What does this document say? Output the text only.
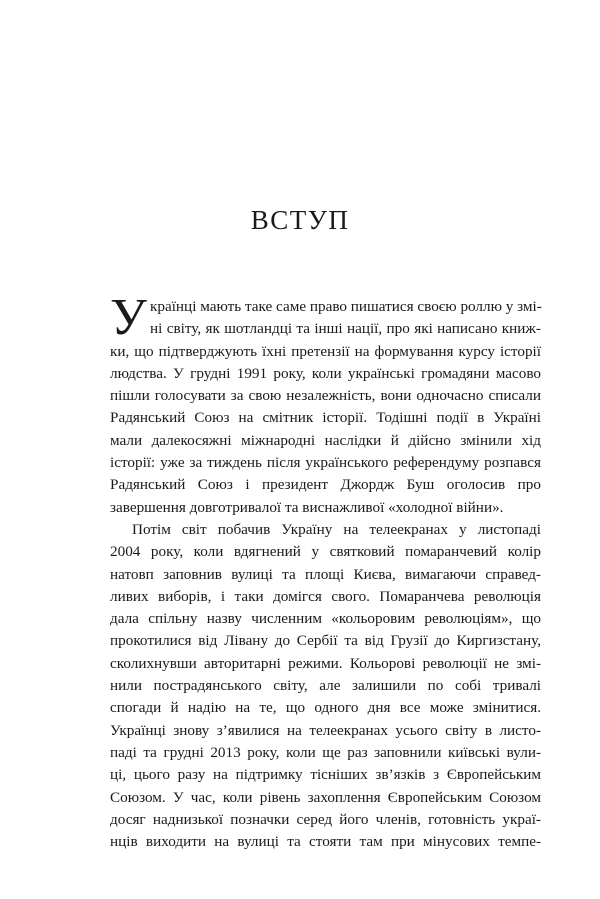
ВСТУП
У країнці мають таке саме право пишатися своєю роллю у змі-
ні світу, як шотландці та інші нації, про які написано книж-
ки, що підтверджують їхні претензії на формування курсу історії
людства. У грудні 1991 року, коли українські громадяни масово
пішли голосувати за свою незалежність, вони одночасно списали
Радянський Союз на смітник історії. Тодішні події в Україні
мали далекосяжні міжнародні наслідки й дійсно змінили хід
історії: уже за тиждень після українського референдуму розпався
Радянський Союз і президент Джордж Буш оголосив про
завершення довготривалої та виснажливої «холодної війни».
Потім світ побачив Україну на телеекранах у листопаді
2004 року, коли вдягнений у святковий помаранчевий колір
натовп заповнив вулиці та площі Києва, вимагаючи справед-
ливих виборів, і таки домігся свого. Помаранчева революція
дала спільну назву численним «кольоровим революціям», що
прокотилися від Лівану до Сербії та від Грузії до Киргизстану,
сколихнувши авторитарні режими. Кольорові революції не змі-
нили пострадянського світу, але залишили по собі тривалі
спогади й надію на те, що одного дня все може змінитися.
Українці знову з’явилися на телеекранах усього світу в листо-
паді та грудні 2013 року, коли ще раз заповнили київські вули-
ці, цього разу на підтримку тісніших зв’язків з Європейським
Союзом. У час, коли рівень захоплення Європейським Союзом
досяг наднизької позначки серед його членів, готовність украї-
нців виходити на вулиці та стояти там при мінусових темпе-
